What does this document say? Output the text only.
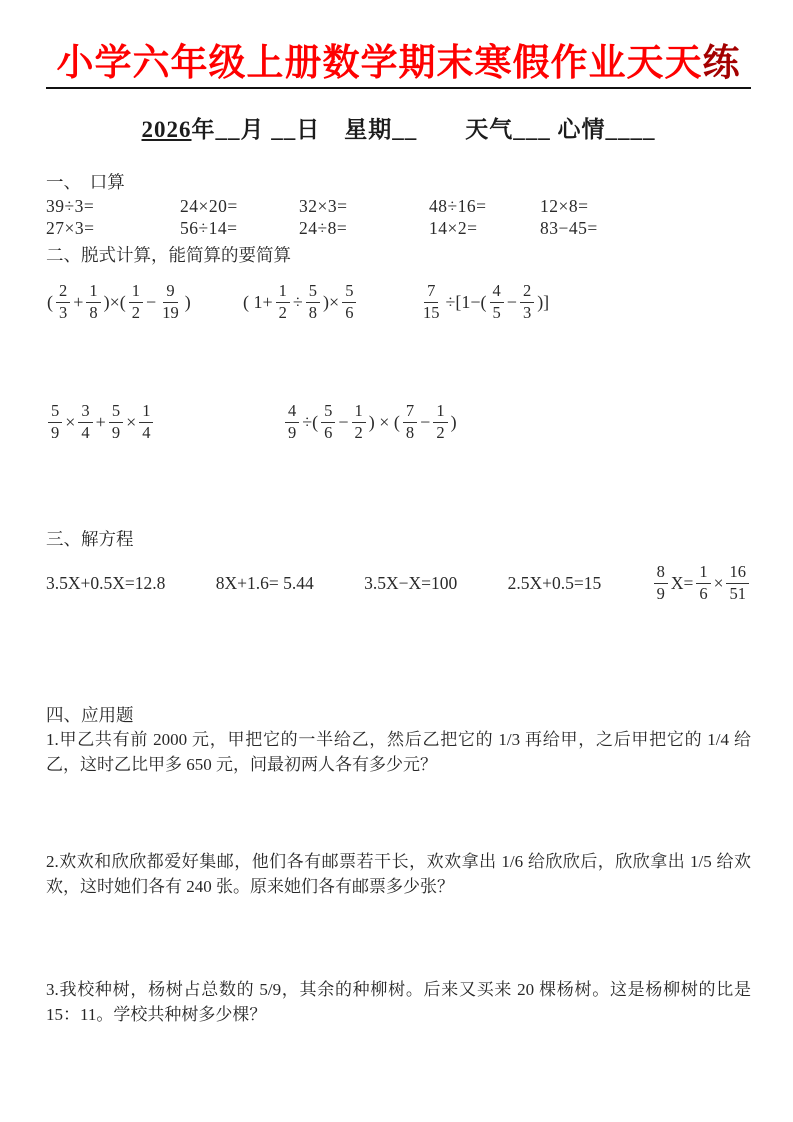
小学六年级上册数学期末寒假作业天天练
2026年__月 __日　星期__　　天气___ 心情____
一、　口算
39÷3=	24×20=	32×3=	48÷16=	12×8=
27×3=	56÷14=	24÷8=	14×2=	83−45=
二、脱式计算，能简算的要简算
( $\frac{2}{3} + \frac{1}{8}$ )×( $\frac{1}{2} - \frac{9}{19}$ )	( $1+ \frac{1}{2} \div \frac{5}{8}$ )× $\frac{5}{6}$	$\frac{7}{15} \div[1-( \frac{4}{5} - \frac{2}{3}$ )]
$\frac{5}{9} \times \frac{3}{4} + \frac{5}{9} \times \frac{1}{4}$	$\frac{4}{9}$ ÷( $\frac{5}{6} - \frac{1}{2}$ ) × ( $\frac{7}{8} - \frac{1}{2}$ )
三、解方程
3.5X+0.5X=12.8	8X+1.6= 5.44	3.5X−X=100	2.5X+0.5=15	$\frac{8}{9} X= \frac{1}{6} \times \frac{16}{51}$
四、应用题

1.甲乙共有前 2000 元，甲把它的一半给乙，然后乙把它的 1/3 再给甲，之后甲把它的 1/4 给乙，这时乙比甲多 650 元，问最初两人各有多少元？

2.欢欢和欣欣都爱好集邮，他们各有邮票若干长，欢欢拿出 1/6 给欣欣后，欣欣拿出 1/5 给欢欢，这时她们各有 240 张。原来她们各有邮票多少张？

3.我校种树，杨树占总数的 5/9，其余的种柳树。后来又买来 20 棵杨树。这是杨柳树的比是 15：11。学校共种树多少棵？
